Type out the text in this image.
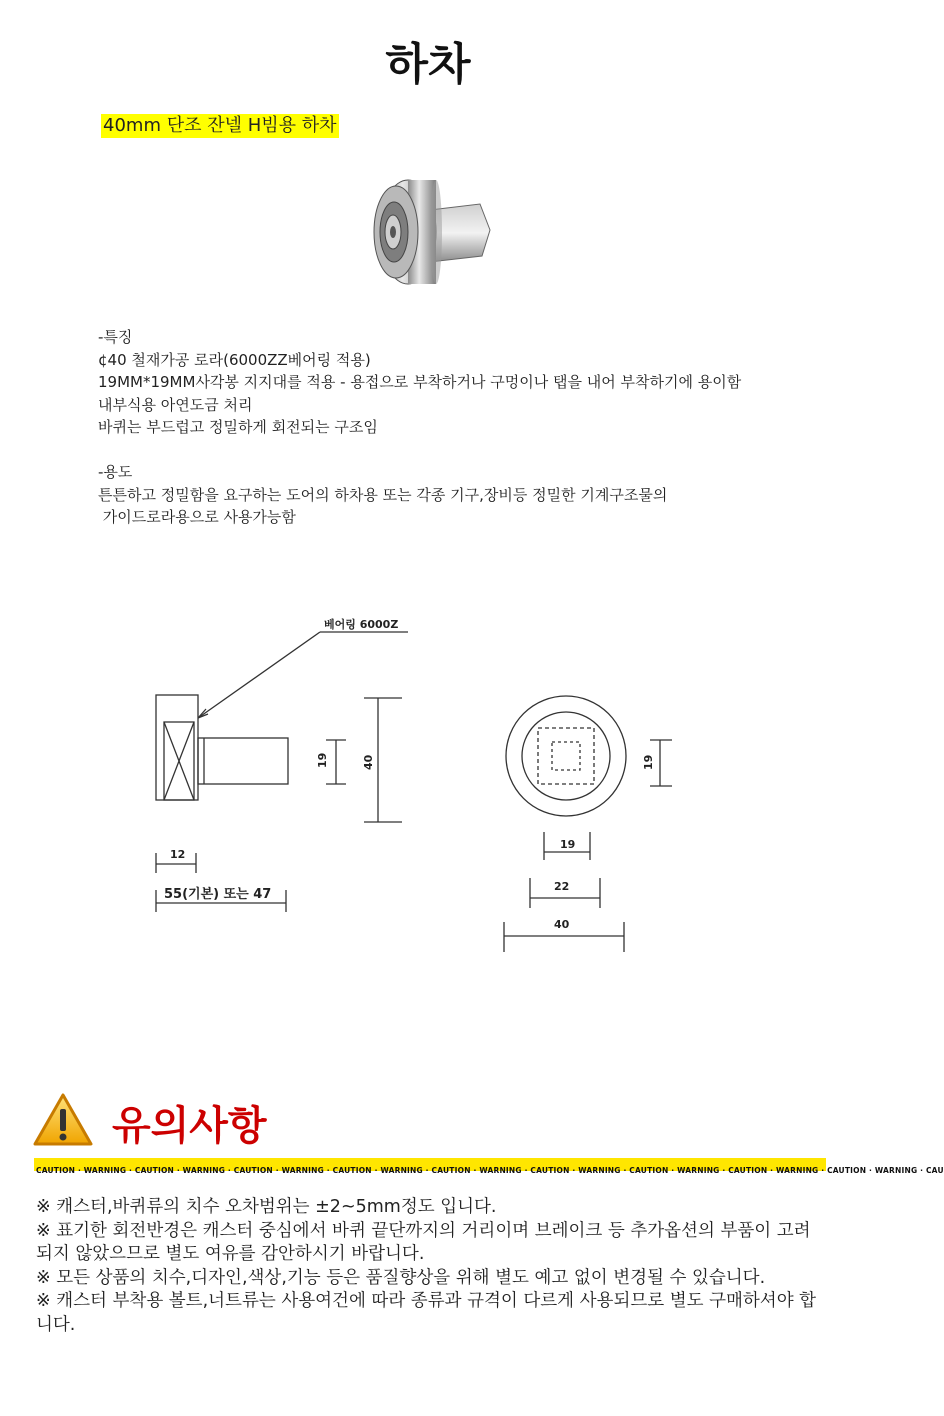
하차
40mm 단조 잔넬 H빔용 하차
-특징
¢40 철재가공 로라(6000ZZ베어링 적용)
19MM*19MM사각봉 지지대를 적용 - 용접으로 부착하거나 구멍이나 탭을 내어 부착하기에 용이함
내부식용 아연도금 처리
바퀴는 부드럽고 정밀하게 회전되는 구조임
-용도
튼튼하고 정밀함을 요구하는 도어의 하차용 또는 각종 기구,장비등 정밀한 기계구조물의
가이드로라용으로 사용가능함
베어링 6000Z
19	40
12
55(기본) 또는 47
19
19
22
40
유의사항
CAUTION · WARNING · CAUTION · WARNING · CAUTION · WARNING · CAUTION · WARNING · CAUTION · WARNING · CAUTION · WARNING · CAUTION · WARNING · CAUTION · WARNING · CAUTION · WARNING · CAU
※ 캐스터,바퀴류의 치수 오차범위는 ±2~5mm정도 입니다.
※ 표기한 회전반경은 캐스터 중심에서 바퀴 끝단까지의 거리이며 브레이크 등 추가옵션의 부품이 고려되지 않았으므로 별도 여유를 감안하시기 바랍니다.
※ 모든 상품의 치수,디자인,색상,기능 등은 품질향상을 위해 별도 예고 없이 변경될 수 있습니다.
※ 캐스터 부착용 볼트,너트류는 사용여건에 따라 종류과 규격이 다르게 사용되므로 별도 구매하셔야 합니다.
